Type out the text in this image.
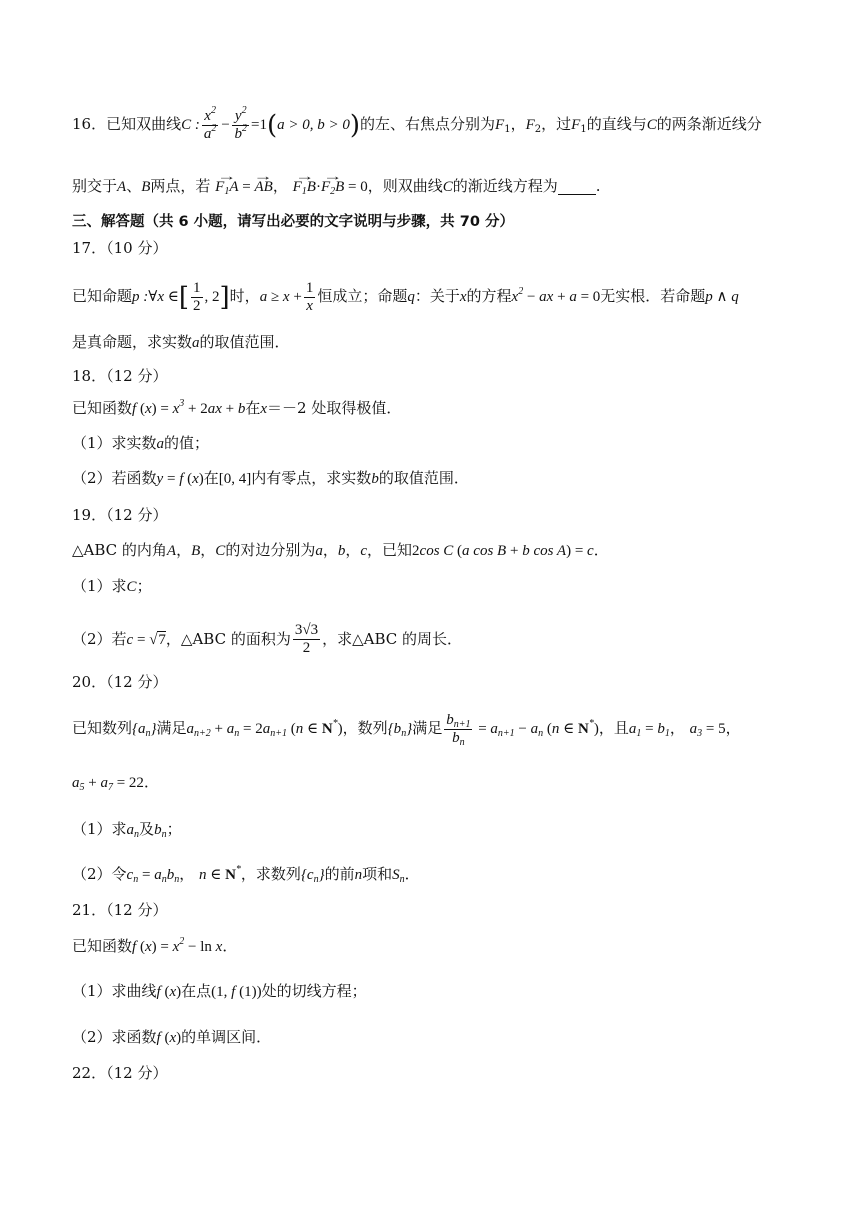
16．已知双曲线C : $\frac{x^2}{a^2} - \frac{y^2}{b^2} =1(a > 0$, b > 0)的左、右焦点分别为$F_1$，$F_2$，过$F_1$的直线与C的两条渐近线分
别交于A、B两点，若 → $F_1A$ = → AB， → $F_1B\cdot\to F_2B = 0$，则双曲线C的渐近线方程为	.
三、解答题（共 6 小题，请写出必要的文字说明与步骤，共 70 分）
17．（10 分）
已知命题p :∀x ∈[ $\frac{1}{2}$ , 2]时，$a \ge x + \frac{1}{x}$ 恒成立；命题q：关于x的方程$x^2$ − ax + a = 0无实根．若命题p ∧ q
是真命题，求实数a的取值范围．
18．（12 分）
已知函数f $(x) = x^3 + 2ax + b$在x＝－2 处取得极值．
（1）求实数a的值；
（2）若函数y = f (x)在[0, 4]内有零点，求实数b的取值范围．
19．（12 分）
△ABC 的内角A，B，C的对边分别为a，b，c，已知2cos C (a cos B + b cos A) = c．
（1）求C；
（2）若c = √7，△ABC 的面积为 $\frac{3√3}{2}$ ，求△ABC 的周长．
20．（12 分）
已知数列$\{a_n\}$满足$a_{n+2} + a_n = 2a_{n+1}$ (n ∈ N*)，数列$\{b_n\}$满足 $\frac{b_{n+1}}{b_n} = a_{n+1} - a_n$ (n ∈ N*)，且$a_1 = b_1$， $a_3 = 5$，
$a_5 + a_7 = 22$．
（1）求$a_n$及$b_n$；
（2）令$c_n = a_nb_n$， n ∈ N*，求数列$\{c_n\}$的前n项和$S_n$．
21．（12 分）
已知函数f $(x) = x^2 - \ln x$．
（1）求曲线f (x)在点(1, f (1))处的切线方程；
（2）求函数f (x)的单调区间．
22．（12 分）
